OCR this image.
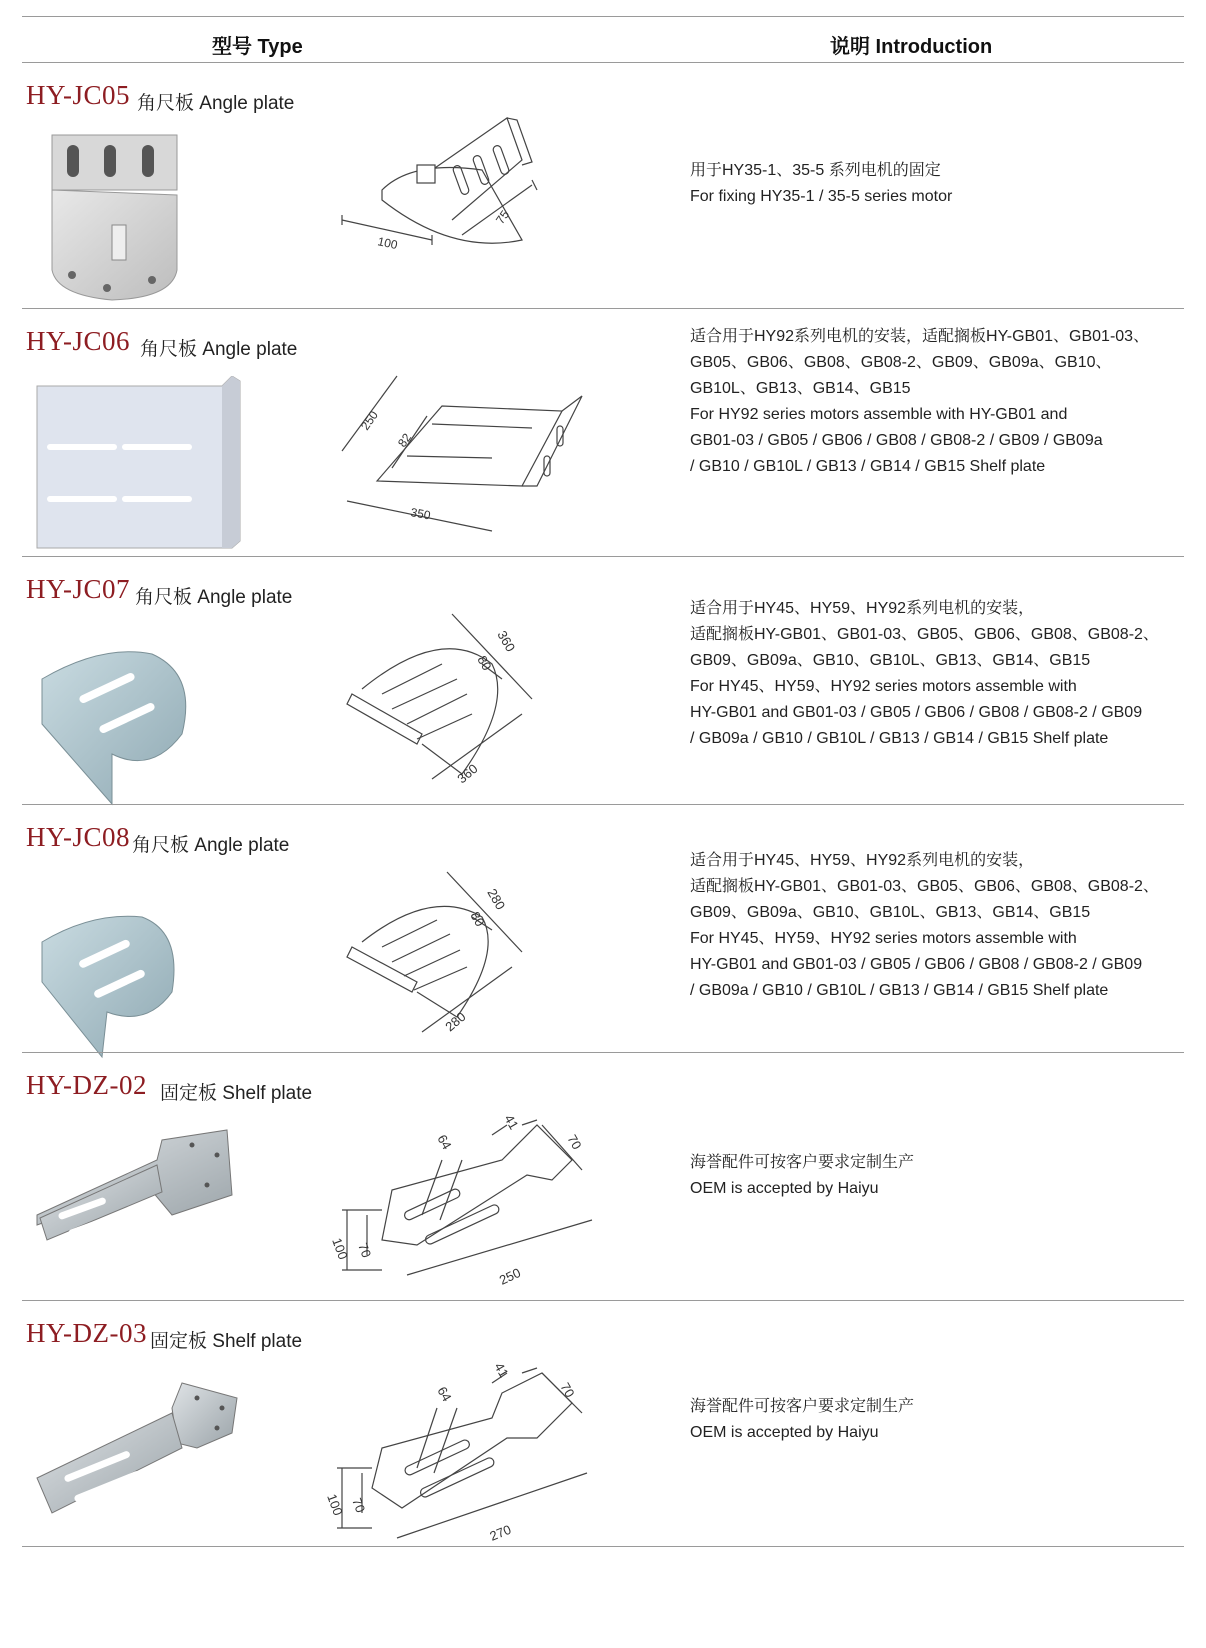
型号 Type	说明 Introduction
HY-JC05 角尺板 Angle plate
100
75
用于HY35-1、35-5 系列电机的固定
For fixing HY35-1 / 35-5 series motor
HY-JC06 角尺板 Angle plate
250
82
350
适合用于HY92系列电机的安装，适配搁板HY-GB01、GB01-03、
GB05、GB06、GB08、GB08-2、GB09、GB09a、GB10、
GB10L、GB13、GB14、GB15
For HY92 series motors assemble with HY-GB01 and
GB01-03 / GB05 / GB06 / GB08 / GB08-2 / GB09 / GB09a
/ GB10 / GB10L / GB13 / GB14 / GB15 Shelf plate
HY-JC07 角尺板 Angle plate
360
80
360
适合用于HY45、HY59、HY92系列电机的安装，
适配搁板HY-GB01、GB01-03、GB05、GB06、GB08、GB08-2、
GB09、GB09a、GB10、GB10L、GB13、GB14、GB15
For HY45、HY59、HY92 series motors assemble with
HY-GB01 and GB01-03 / GB05 / GB06 / GB08 / GB08-2 / GB09
/ GB09a / GB10 / GB10L / GB13 / GB14 / GB15 Shelf plate
HY-JC08 角尺板 Angle plate
280
80
280
适合用于HY45、HY59、HY92系列电机的安装，
适配搁板HY-GB01、GB01-03、GB05、GB06、GB08、GB08-2、
GB09、GB09a、GB10、GB10L、GB13、GB14、GB15
For HY45、HY59、HY92 series motors assemble with
HY-GB01 and GB01-03 / GB05 / GB06 / GB08 / GB08-2 / GB09
/ GB09a / GB10 / GB10L / GB13 / GB14 / GB15 Shelf plate
HY-DZ-02 固定板 Shelf plate
64
41
70
100 70
250
海誉配件可按客户要求定制生产
OEM is accepted by Haiyu
HY-DZ-03 固定板 Shelf plate
64
41
70
100 70
270
海誉配件可按客户要求定制生产
OEM is accepted by Haiyu
